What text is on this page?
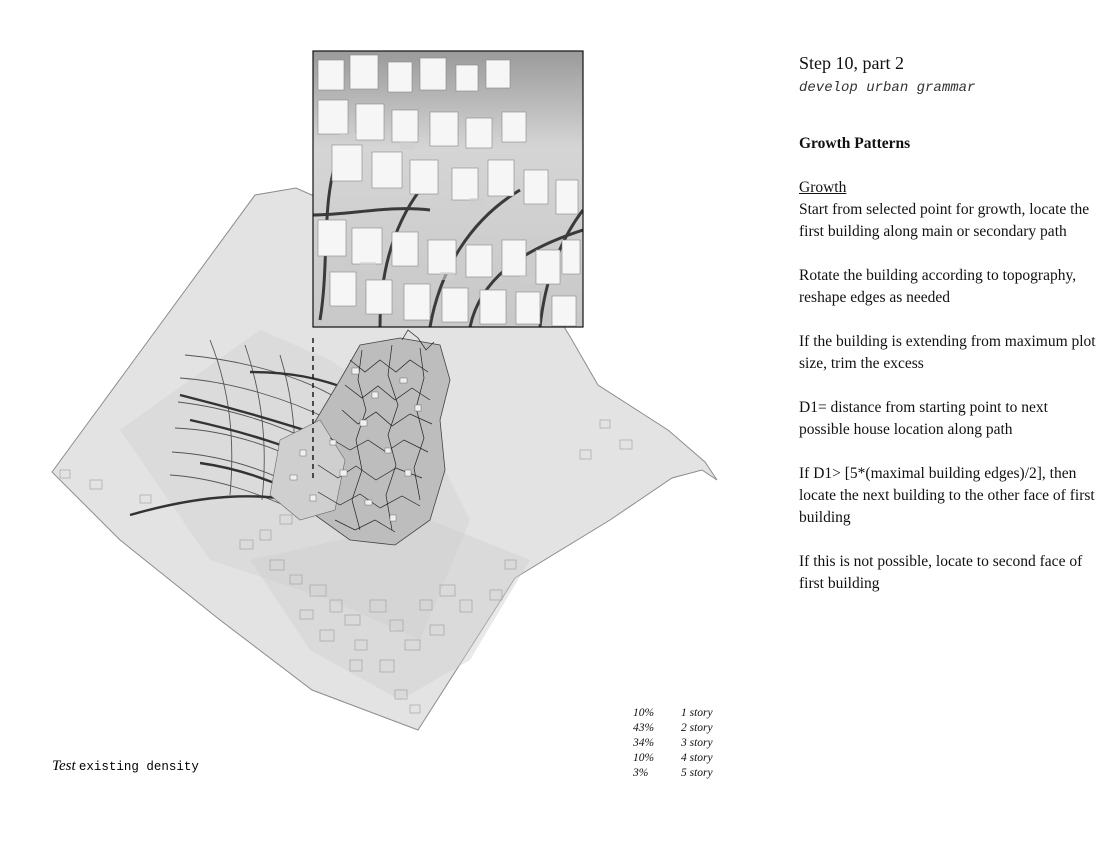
Step 10, part 2
develop urban grammar
Growth Patterns
Growth

Start from selected point for growth, locate the first building along main or secondary path

Rotate the building according to topography, reshape edges as needed

If the building is extending from maximum plot size, trim the excess

D1= distance from starting point to next possible house location along path

If D1> [5*(maximal building edges)/2], then locate the next building to the other face of first building

If this is not possible, locate to second face of first building

10%	1 story
43%	2 story
34%	3 story
10%	4 story
3%	5 story
Test existing density
